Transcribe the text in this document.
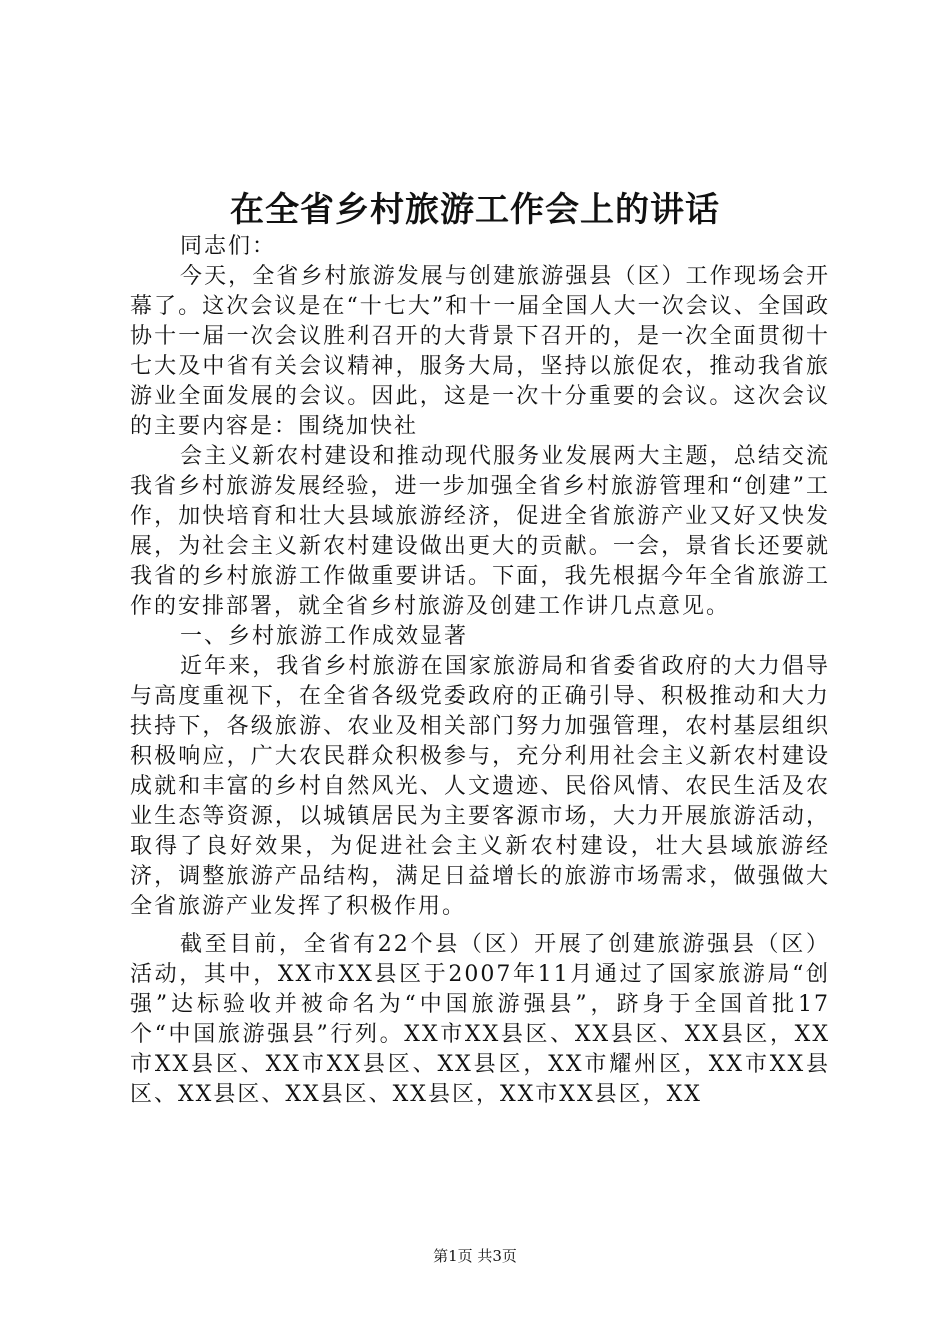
在全省乡村旅游工作会上的讲话

同志们：

今天，全省乡村旅游发展与创建旅游强县（区）工作现场会开幕了。这次会议是在“十七大”和十一届全国人大一次会议、全国政协十一届一次会议胜利召开的大背景下召开的，是一次全面贯彻十七大及中省有关会议精神，服务大局，坚持以旅促农，推动我省旅游业全面发展的会议。因此，这是一次十分重要的会议。这次会议的主要内容是：围绕加快社

会主义新农村建设和推动现代服务业发展两大主题，总结交流我省乡村旅游发展经验，进一步加强全省乡村旅游管理和“创建”工作，加快培育和壮大县域旅游经济，促进全省旅游产业又好又快发展，为社会主义新农村建设做出更大的贡献。一会，景省长还要就我省的乡村旅游工作做重要讲话。下面，我先根据今年全省旅游工作的安排部署，就全省乡村旅游及创建工作讲几点意见。

一、乡村旅游工作成效显著

近年来，我省乡村旅游在国家旅游局和省委省政府的大力倡导与高度重视下，在全省各级党委政府的正确引导、积极推动和大力扶持下，各级旅游、农业及相关部门努力加强管理，农村基层组织积极响应，广大农民群众积极参与，充分利用社会主义新农村建设成就和丰富的乡村自然风光、人文遗迹、民俗风情、农民生活及农业生态等资源，以城镇居民为主要客源市场，大力开展旅游活动，取得了良好效果，为促进社会主义新农村建设，壮大县域旅游经济，调整旅游产品结构，满足日益增长的旅游市场需求，做强做大全省旅游产业发挥了积极作用。

截至目前，全省有22个县（区）开展了创建旅游强县（区）活动，其中，XX市XX县区于2007年11月通过了国家旅游局“创强”达标验收并被命名为“中国旅游强县”，跻身于全国首批17个“中国旅游强县”行列。XX市XX县区、XX县区、XX县区，XX市XX县区、XX市XX县区、XX县区，XX市耀州区，XX市XX县区、XX县区、XX县区、XX县区，XX市XX县区，XX

第1页 共3页
